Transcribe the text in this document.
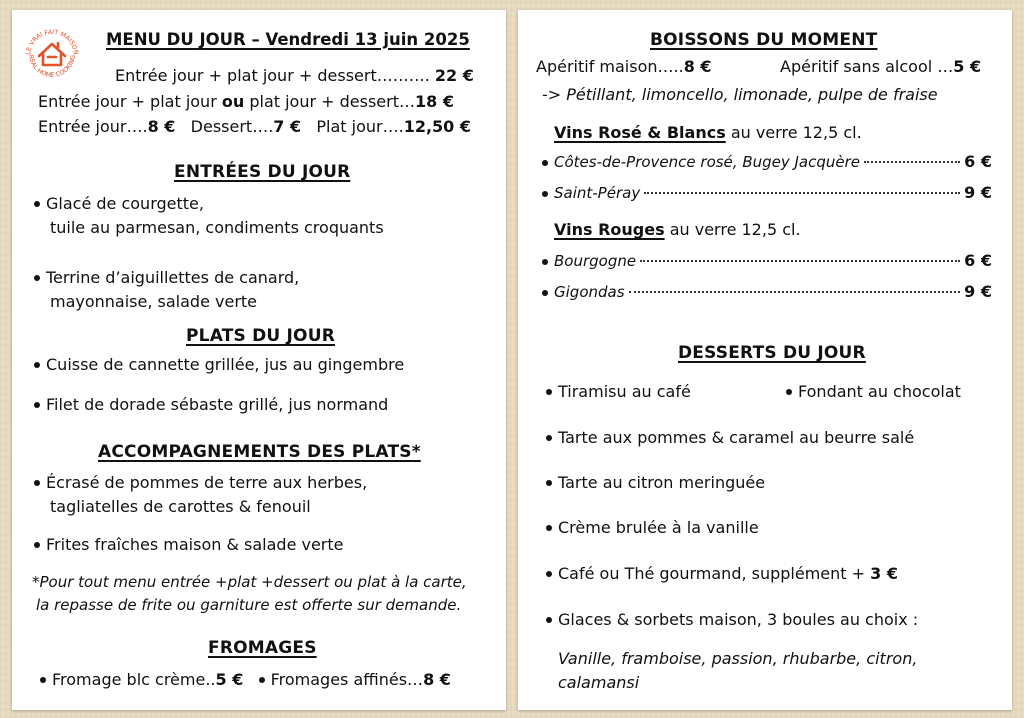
LE VRAI FAIT MAISON
REAL HOME COOKING
MENU DU JOUR – Vendredi 13 juin 2025
Entrée jour + plat jour + dessert………. 22 €
Entrée jour + plat jour ou plat jour + dessert…18 €
Entrée jour….8 € Dessert….7 € Plat jour….12,50 €
ENTRÉES DU JOUR
Glacé de courgette,
tuile au parmesan, condiments croquants
Terrine d’aiguillettes de canard,
mayonnaise, salade verte
PLATS DU JOUR
Cuisse de cannette grillée, jus au gingembre
Filet de dorade sébaste grillé, jus normand
ACCOMPAGNEMENTS DES PLATS*
Écrasé de pommes de terre aux herbes,
tagliatelles de carottes & fenouil
Frites fraîches maison & salade verte
*Pour tout menu entrée +plat +dessert ou plat à la carte,
la repasse de frite ou garniture est offerte sur demande.
FROMAGES
Fromage blc crème..5 € Fromages affinés…8 €
BOISSONS DU MOMENT
Apéritif maison…..8 €	Apéritif sans alcool …5 €
-> Pétillant, limoncello, limonade, pulpe de fraise
Vins Rosé & Blancs au verre 12,5 cl.
Côtes-de-Provence rosé, Bugey Jacquère	6 €
Saint-Péray	9 €
Vins Rouges au verre 12,5 cl.
Bourgogne	6 €
Gigondas	9 €
DESSERTS DU JOUR
Tiramisu au café	Fondant au chocolat
Tarte aux pommes & caramel au beurre salé
Tarte au citron meringuée
Crème brulée à la vanille
Café ou Thé gourmand, supplément + 3 €
Glaces & sorbets maison, 3 boules au choix :
Vanille, framboise, passion, rhubarbe, citron,
calamansi
